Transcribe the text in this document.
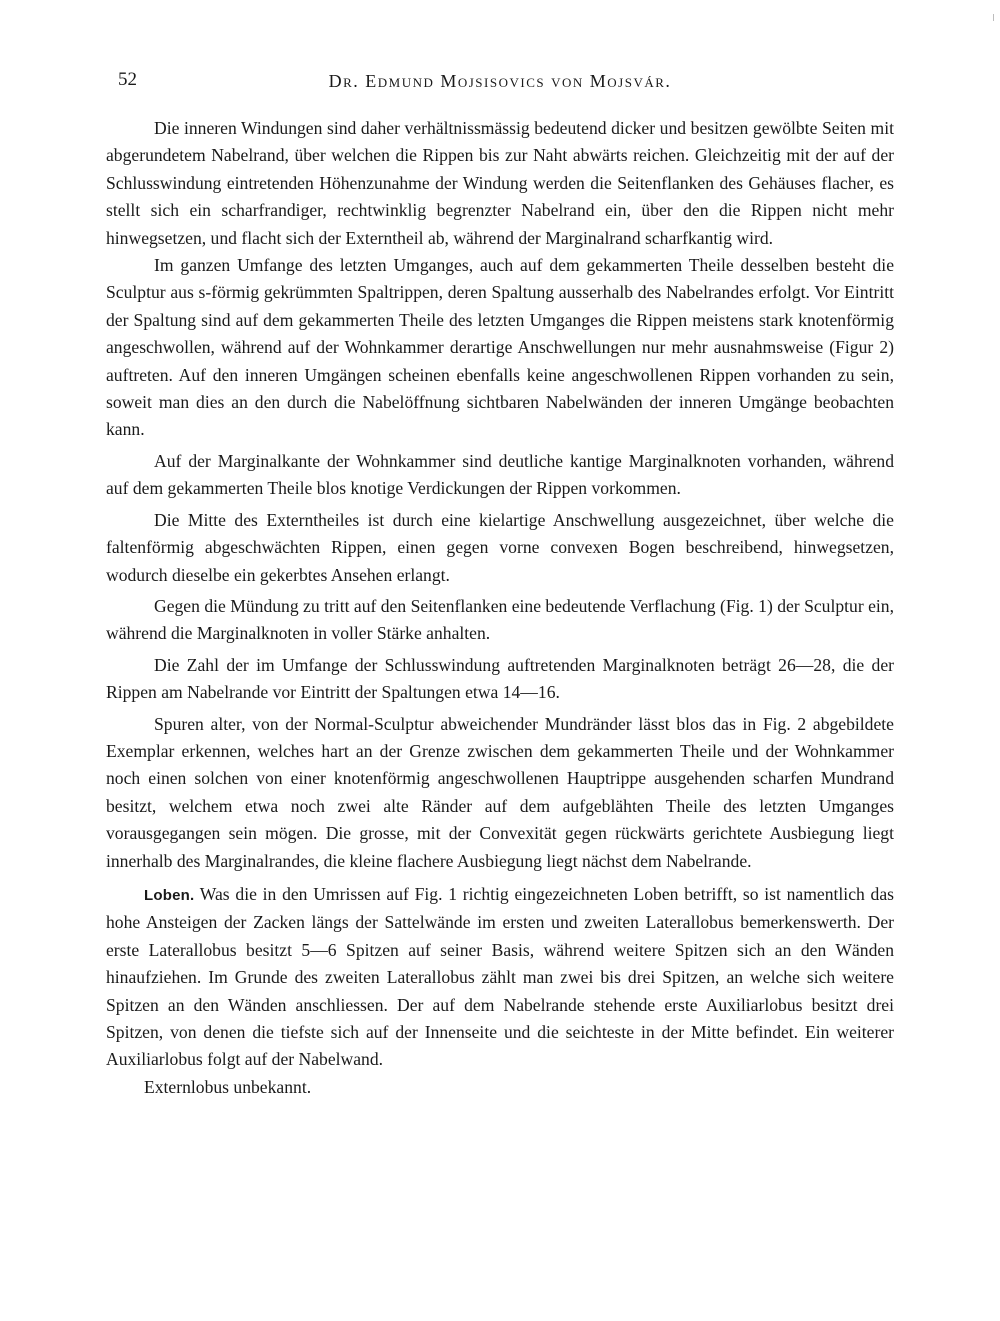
52	Dr. Edmund Mojsisovics von Mojsvár.

Die inneren Windungen sind daher verhältnissmässig bedeutend dicker und besitzen gewölbte Seiten mit abgerundetem Nabelrand, über welchen die Rippen bis zur Naht abwärts reichen. Gleichzeitig mit der auf der Schlusswindung eintretenden Höhenzunahme der Windung werden die Seitenflanken des Gehäuses flacher, es stellt sich ein scharfrandiger, rechtwinklig begrenzter Nabelrand ein, über den die Rippen nicht mehr hinwegsetzen, und flacht sich der Externtheil ab, während der Marginalrand scharfkantig wird.

Im ganzen Umfange des letzten Umganges, auch auf dem gekammerten Theile desselben besteht die Sculptur aus s-förmig gekrümmten Spaltrippen, deren Spaltung ausserhalb des Nabelrandes erfolgt. Vor Eintritt der Spaltung sind auf dem gekammerten Theile des letzten Umganges die Rippen meistens stark knotenförmig angeschwollen, während auf der Wohnkammer derartige Anschwellungen nur mehr ausnahmsweise (Figur 2) auftreten. Auf den inneren Umgängen scheinen ebenfalls keine angeschwollenen Rippen vorhanden zu sein, soweit man dies an den durch die Nabelöffnung sichtbaren Nabelwänden der inneren Umgänge beobachten kann.

Auf der Marginalkante der Wohnkammer sind deutliche kantige Marginalknoten vorhanden, während auf dem gekammerten Theile blos knotige Verdickungen der Rippen vorkommen.

Die Mitte des Externtheiles ist durch eine kielartige Anschwellung ausgezeichnet, über welche die faltenförmig abgeschwächten Rippen, einen gegen vorne convexen Bogen beschreibend, hinwegsetzen, wodurch dieselbe ein gekerbtes Ansehen erlangt.

Gegen die Mündung zu tritt auf den Seitenflanken eine bedeutende Verflachung (Fig. 1) der Sculptur ein, während die Marginalknoten in voller Stärke anhalten.

Die Zahl der im Umfange der Schlusswindung auftretenden Marginalknoten beträgt 26—28, die der Rippen am Nabelrande vor Eintritt der Spaltungen etwa 14—16.

Spuren alter, von der Normal-Sculptur abweichender Mundränder lässt blos das in Fig. 2 abgebildete Exemplar erkennen, welches hart an der Grenze zwischen dem gekammerten Theile und der Wohnkammer noch einen solchen von einer knotenförmig angeschwollenen Hauptrippe ausgehenden scharfen Mundrand besitzt, welchem etwa noch zwei alte Ränder auf dem aufgeblähten Theile des letzten Umganges vorausgegangen sein mögen. Die grosse, mit der Convexität gegen rückwärts gerichtete Ausbiegung liegt innerhalb des Marginalrandes, die kleine flachere Ausbiegung liegt nächst dem Nabelrande.

Loben. Was die in den Umrissen auf Fig. 1 richtig eingezeichneten Loben betrifft, so ist namentlich das hohe Ansteigen der Zacken längs der Sattelwände im ersten und zweiten Laterallobus bemerkenswerth. Der erste Laterallobus besitzt 5—6 Spitzen auf seiner Basis, während weitere Spitzen sich an den Wänden hinaufziehen. Im Grunde des zweiten Laterallobus zählt man zwei bis drei Spitzen, an welche sich weitere Spitzen an den Wänden anschliessen. Der auf dem Nabelrande stehende erste Auxiliarlobus besitzt drei Spitzen, von denen die tiefste sich auf der Innenseite und die seichteste in der Mitte befindet. Ein weiterer Auxiliarlobus folgt auf der Nabelwand.

Externlobus unbekannt.
